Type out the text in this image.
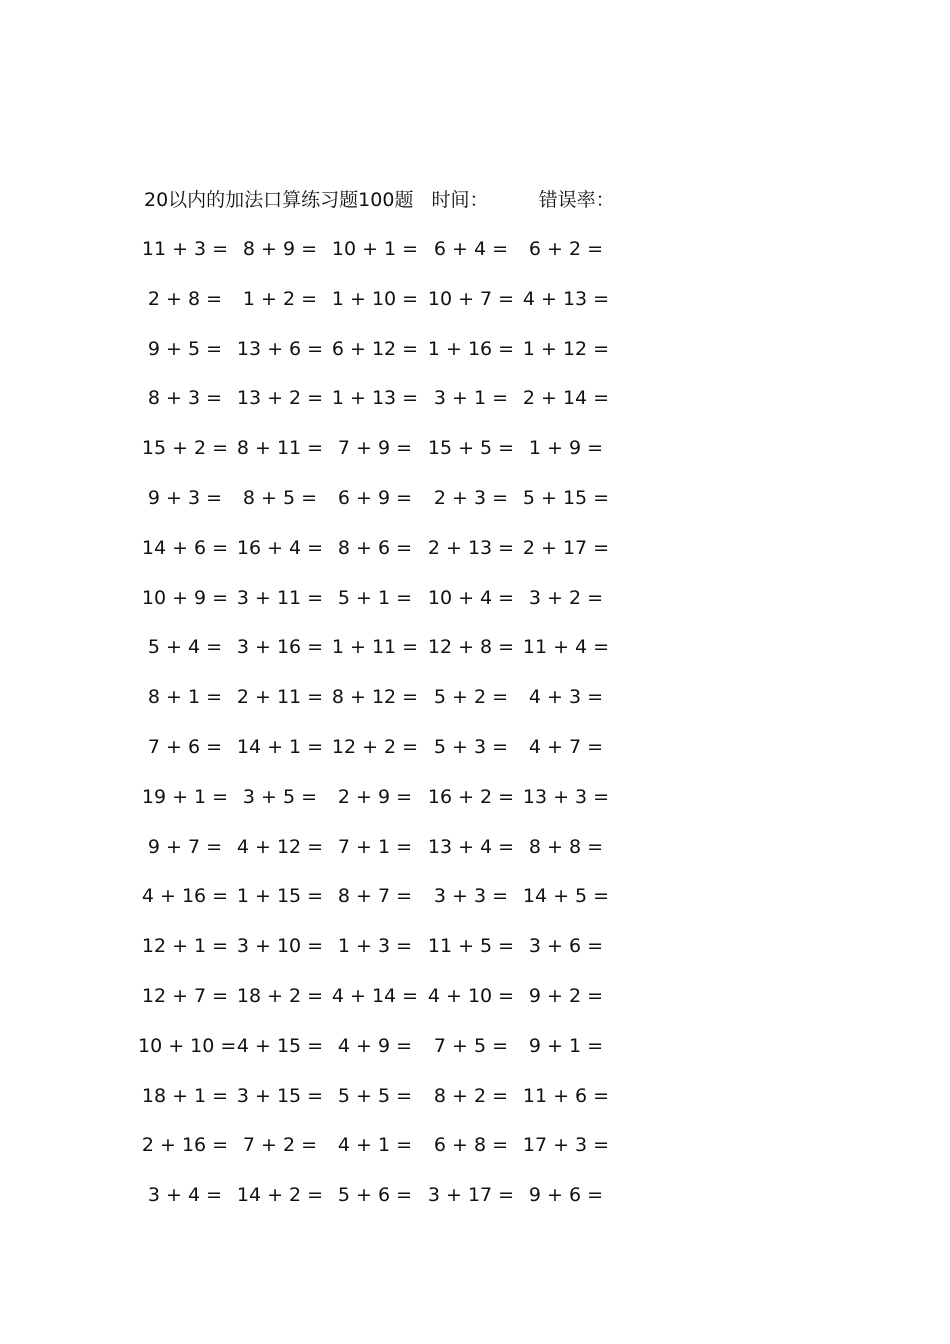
20以内的加法口算练习题100题 时间：	错误率：
11 + 3 = 8 + 9 = 10 + 1 = 6 + 4 =	6 + 2 =
2 + 8 =	1 + 2 = 1 + 10 = 10 + 7 = 4 + 13 =
9 + 5 = 13 + 6 = 6 + 12 = 1 + 16 = 1 + 12 =
8 + 3 = 13 + 2 = 1 + 13 = 3 + 1 = 2 + 14 =
15 + 2 = 8 + 11 = 7 + 9 = 15 + 5 = 1 + 9 =
9 + 3 =	8 + 5 =	6 + 9 =	2 + 3 = 5 + 15 =
14 + 6 = 16 + 4 = 8 + 6 = 2 + 13 = 2 + 17 =
10 + 9 = 3 + 11 = 5 + 1 = 10 + 4 = 3 + 2 =
5 + 4 = 3 + 16 = 1 + 11 = 12 + 8 = 11 + 4 =
8 + 1 = 2 + 11 = 8 + 12 = 5 + 2 =	4 + 3 =
7 + 6 = 14 + 1 = 12 + 2 = 5 + 3 =	4 + 7 =
19 + 1 = 3 + 5 =	2 + 9 = 16 + 2 = 13 + 3 =
9 + 7 = 4 + 12 = 7 + 1 = 13 + 4 = 8 + 8 =
4 + 16 = 1 + 15 = 8 + 7 =	3 + 3 = 14 + 5 =
12 + 1 = 3 + 10 = 1 + 3 = 11 + 5 = 3 + 6 =
12 + 7 = 18 + 2 = 4 + 14 = 4 + 10 = 9 + 2 =
10 + 10 = 4 + 15 = 4 + 9 =	7 + 5 =	9 + 1 =
18 + 1 = 3 + 15 = 5 + 5 =	8 + 2 = 11 + 6 =
2 + 16 = 7 + 2 =	4 + 1 =	6 + 8 = 17 + 3 =
3 + 4 = 14 + 2 = 5 + 6 = 3 + 17 = 9 + 6 =
